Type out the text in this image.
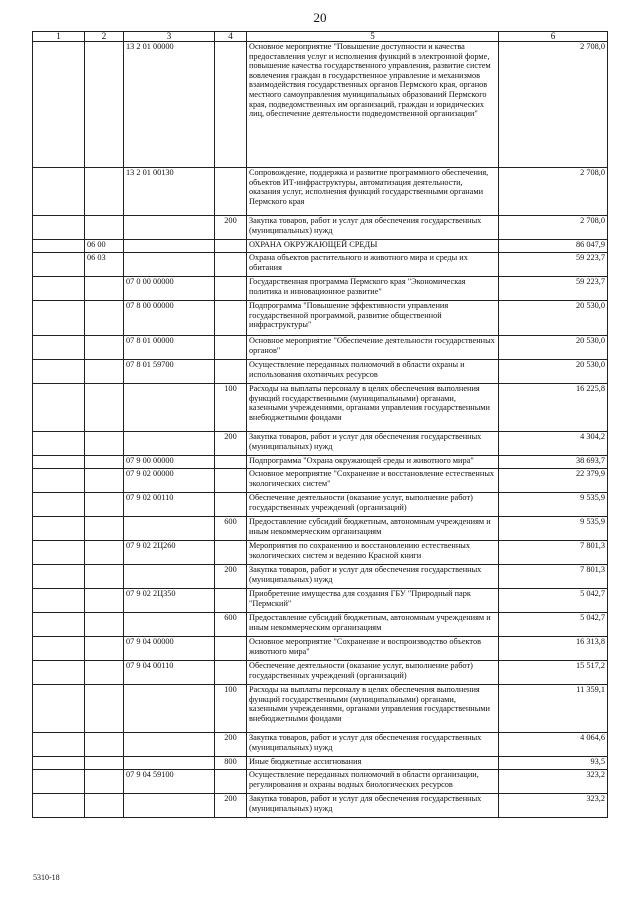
20
1	2	3	4	5	6
		13 2 01 00000		Основное мероприятие "Повышение доступности и качества предоставления услуг и исполнения функций в электронной форме, повышение качества государственного управления, развитие систем вовлечения граждан в государственное управление и механизмов взаимодействия государственных органов Пермского края, органов местного самоуправления муниципальных образований Пермского края, подведомственных им организаций, граждан и юридических лиц, обеспечение деятельности подведомственной организации"	2 708,0
		13 2 01 00130		Сопровождение, поддержка и развитие программного обеспечения, объектов ИТ-инфраструктуры, автоматизация деятельности, оказания услуг, исполнения функций государственными органами Пермского края	2 708,0
			200	Закупка товаров, работ и услуг для обеспечения государственных (муниципальных) нужд	2 708,0
	06 00			ОХРАНА ОКРУЖАЮЩЕЙ СРЕДЫ	86 047,9
	06 03			Охрана объектов растительного и животного мира и среды их обитания	59 223,7
		07 0 00 00000		Государственная программа Пермского края "Экономическая политика и инновационное развитие"	59 223,7
		07 8 00 00000		Подпрограмма "Повышение эффективности управления государственной программой, развитие общественной инфраструктуры"	20 530,0
		07 8 01 00000		Основное мероприятие "Обеспечение деятельности государственных органов"	20 530,0
		07 8 01 59700		Осуществление переданных полномочий в области охраны и использования охотничьих ресурсов	20 530,0
			100	Расходы на выплаты персоналу в целях обеспечения выполнения функций государственными (муниципальными) органами, казенными учреждениями, органами управления государственными внебюджетными фондами	16 225,8
			200	Закупка товаров, работ и услуг для обеспечения государственных (муниципальных) нужд	4 304,2
		07 9 00 00000		Подпрограмма "Охрана окружающей среды и животного мира"	38 693,7
		07 9 02 00000		Основное мероприятие "Сохранение и восстановление естественных экологических систем"	22 379,9
		07 9 02 00110		Обеспечение деятельности (оказание услуг, выполнение работ) государственных учреждений (организаций)	9 535,9
			600	Предоставление субсидий бюджетным, автономным учреждениям и иным некоммерческим организациям	9 535,9
		07 9 02 2Ц260		Мероприятия по сохранению и восстановлению естественных экологических систем и ведению Красной книги	7 801,3
			200	Закупка товаров, работ и услуг для обеспечения государственных (муниципальных) нужд	7 801,3
		07 9 02 2Ц350		Приобретение имущества для создания ГБУ "Природный парк "Пермский"	5 042,7
			600	Предоставление субсидий бюджетным, автономным учреждениям и иным некоммерческим организациям	5 042,7
		07 9 04 00000		Основное мероприятие "Сохранение и воспроизводство объектов животного мира"	16 313,8
		07 9 04 00110		Обеспечение деятельности (оказание услуг, выполнение работ) государственных учреждений (организаций)	15 517,2
			100	Расходы на выплаты персоналу в целях обеспечения выполнения функций государственными (муниципальными) органами, казенными учреждениями, органами управления государственными внебюджетными фондами	11 359,1
			200	Закупка товаров, работ и услуг для обеспечения государственных (муниципальных) нужд	4 064,6
			800	Иные бюджетные ассигнования	93,5
		07 9 04 59100		Осуществление переданных полномочий в области организации, регулирования и охраны водных биологических ресурсов	323,2
			200	Закупка товаров, работ и услуг для обеспечения государственных (муниципальных) нужд	323,2
5310-18
